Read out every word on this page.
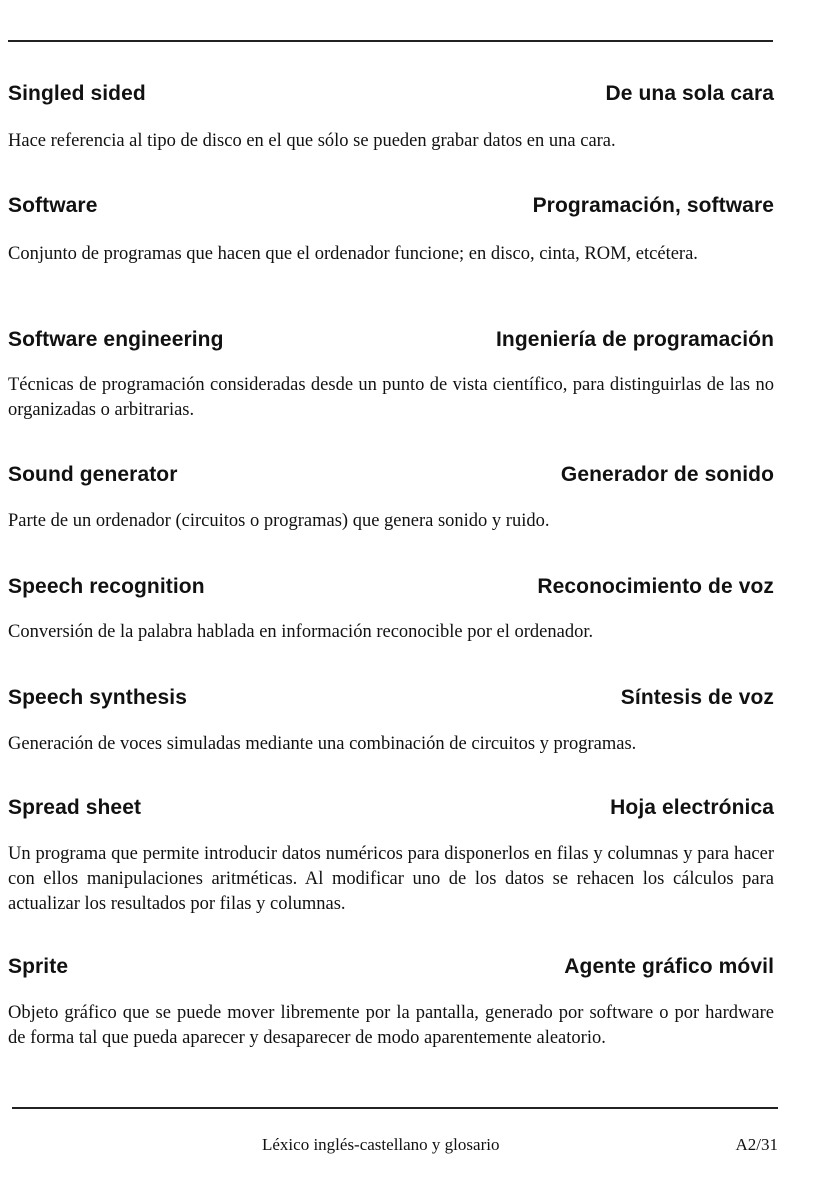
Singled sided	De una sola cara

Hace referencia al tipo de disco en el que sólo se pueden grabar datos en una cara.

Software	Programación, software

Conjunto de programas que hacen que el ordenador funcione; en disco, cinta, ROM, etcétera.

Software engineering	Ingeniería de programación

Técnicas de programación consideradas desde un punto de vista científico, para distinguirlas de las no organizadas o arbitrarias.

Sound generator	Generador de sonido

Parte de un ordenador (circuitos o programas) que genera sonido y ruido.

Speech recognition	Reconocimiento de voz

Conversión de la palabra hablada en información reconocible por el ordenador.

Speech synthesis	Síntesis de voz

Generación de voces simuladas mediante una combinación de circuitos y programas.

Spread sheet	Hoja electrónica

Un programa que permite introducir datos numéricos para disponerlos en filas y columnas y para hacer con ellos manipulaciones aritméticas. Al modificar uno de los datos se rehacen los cálculos para actualizar los resultados por filas y columnas.

Sprite	Agente gráfico móvil

Objeto gráfico que se puede mover libremente por la pantalla, generado por software o por hardware de forma tal que pueda aparecer y desaparecer de modo aparentemente aleatorio.

Léxico inglés-castellano y glosario	A2/31
